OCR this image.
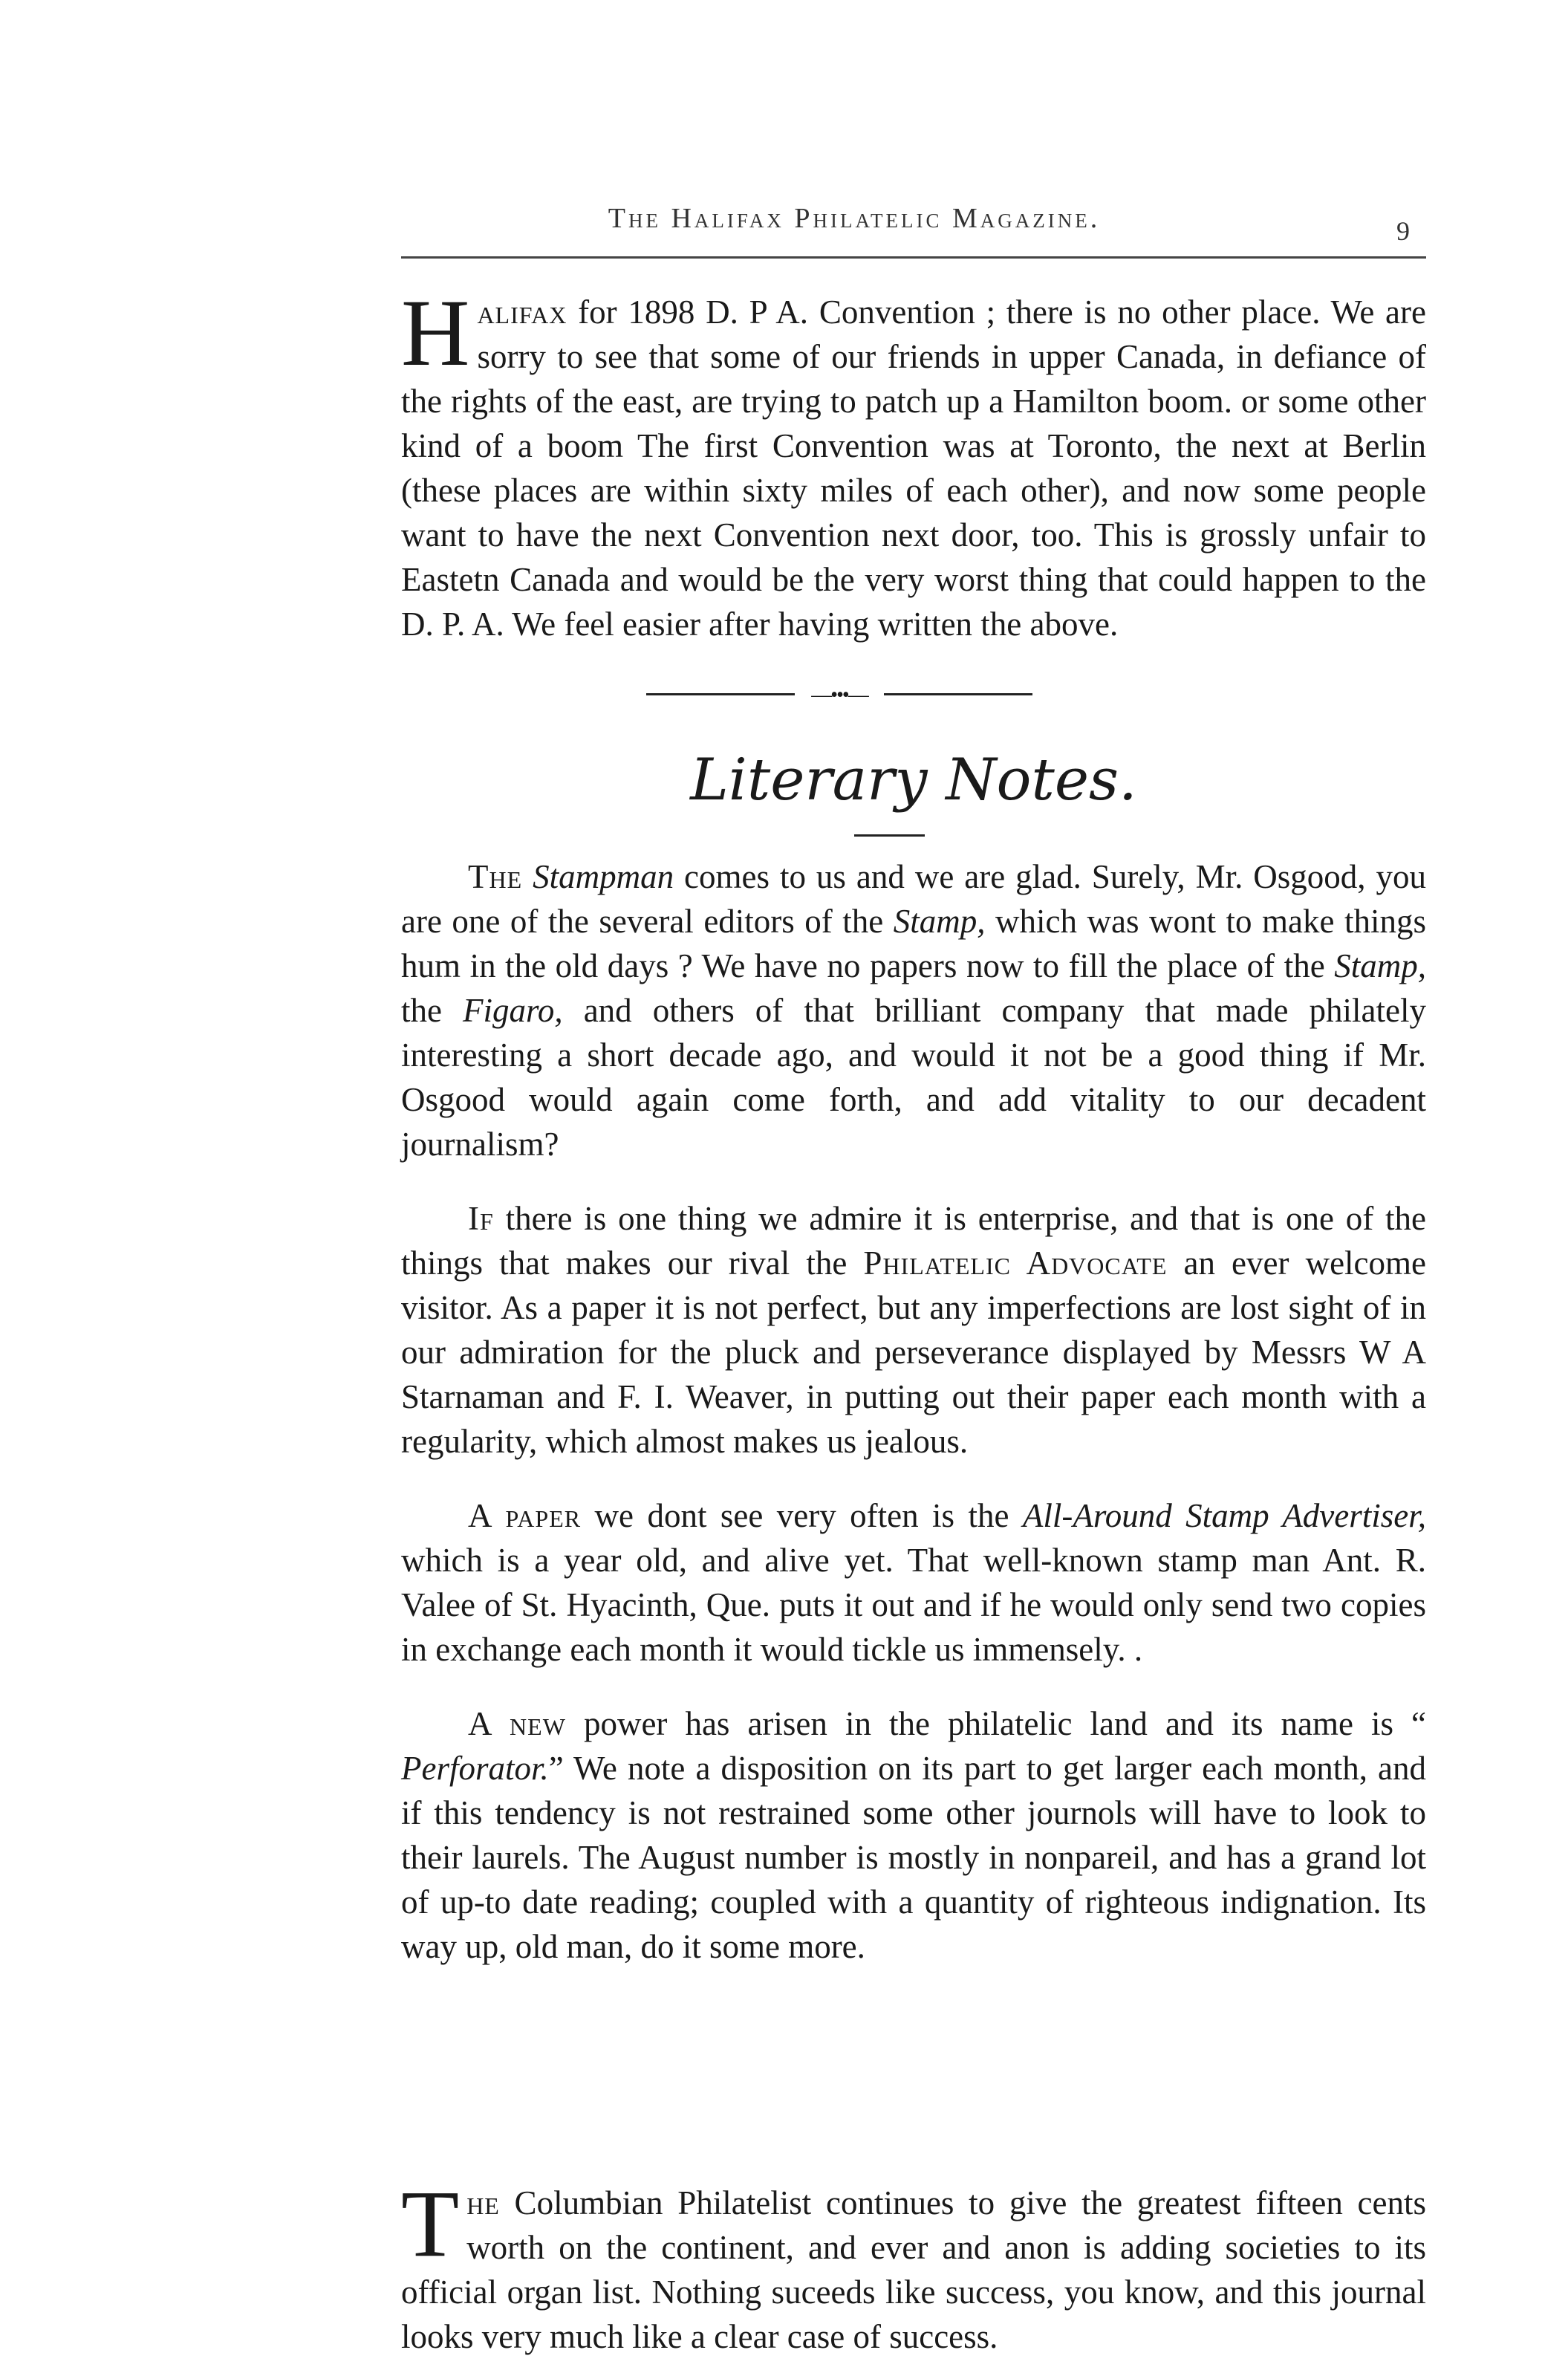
The Halifax Philatelic Magazine.	9

Halifax for 1898 D. P A. Convention ; there is no other place. We are sorry to see that some of our friends in upper Canada, in defiance of the rights of the east, are trying to patch up a Hamilton boom. or some other kind of a boom The first Convention was at Toronto, the next at Berlin (these places are within sixty miles of each other), and now some people want to have the next Convention next door, too. This is grossly unfair to Eastetn Canada and would be the very worst thing that could happen to the D. P. A. We feel easier after having written the above.

—•••—
Literary Notes.

The Stampman comes to us and we are glad. Surely, Mr. Osgood, you are one of the several editors of the Stamp, which was wont to make things hum in the old days ? We have no papers now to fill the place of the Stamp, the Figaro, and others of that brilliant company that made philately interesting a short decade ago, and would it not be a good thing if Mr. Osgood would again come forth, and add vitality to our decadent journalism?

If there is one thing we admire it is enterprise, and that is one of the things that makes our rival the Philatelic Advocate an ever welcome visitor. As a paper it is not perfect, but any imperfections are lost sight of in our admiration for the pluck and perseverance displayed by Messrs W A Starnaman and F. I. Weaver, in putting out their paper each month with a regularity, which almost makes us jealous.

A paper we dont see very often is the All-Around Stamp Advertiser, which is a year old, and alive yet. That well-known stamp man Ant. R. Valee of St. Hyacinth, Que. puts it out and if he would only send two copies in exchange each month it would tickle us immensely. .

A new power has arisen in the philatelic land and its name is “ Perforator.” We note a disposition on its part to get larger each month, and if this tendency is not restrained some other journols will have to look to their laurels. The August number is mostly in nonpareil, and has a grand lot of up-to date reading; coupled with a quantity of righteous indignation. Its way up, old man, do it some more.

The Columbian Philatelist continues to give the greatest fifteen cents worth on the continent, and ever and anon is adding societies to its official organ list. Nothing suceeds like success, you know, and this journal looks very much like a clear case of success.
